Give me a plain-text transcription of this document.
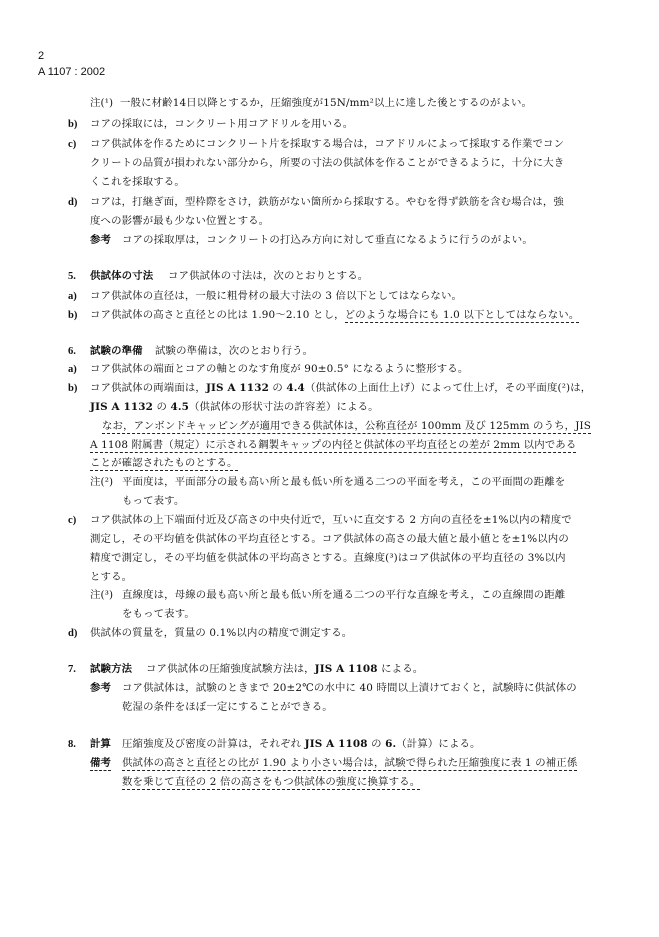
2
A 1107 : 2002
注(¹) 一般に材齢14日以降とするか，圧縮強度が15N/mm²以上に達した後とするのがよい。
b) コアの採取には，コンクリート用コアドリルを用いる。
c) コア供試体を作るためにコンクリート片を採取する場合は，コアドリルによって採取する作業でコン
クリートの品質が損われない部分から，所要の寸法の供試体を作ることができるように，十分に大き
くこれを採取する。
d) コアは，打継ぎ面，型枠際をさけ，鉄筋がない箇所から採取する。やむを得ず鉄筋を含む場合は，強
度への影響が最も少ない位置とする。
参考 コアの採取厚は，コンクリートの打込み方向に対して垂直になるように行うのがよい。
5. 供試体の寸法 コア供試体の寸法は，次のとおりとする。
a) コア供試体の直径は，一般に粗骨材の最大寸法の 3 倍以下としてはならない。
b) コア供試体の高さと直径との比は 1.90～2.10 とし，どのような場合にも 1.0 以下としてはならない。
6. 試験の準備 試験の準備は，次のとおり行う。
a) コア供試体の端面とコアの軸とのなす角度が 90±0.5° になるように整形する。
b) コア供試体の両端面は，JIS A 1132 の 4.4（供試体の上面仕上げ）によって仕上げ，その平面度(²)は，
JIS A 1132 の 4.5（供試体の形状寸法の許容差）による。
なお，アンボンドキャッピングが適用できる供試体は，公称直径が 100mm 及び 125mm のうち，JIS
A 1108 附属書（規定）に示される鋼製キャップの内径と供試体の平均直径との差が 2mm 以内である
ことが確認されたものとする。
注(²) 平面度は，平面部分の最も高い所と最も低い所を通る二つの平面を考え，この平面間の距離を
もって表す。
c) コア供試体の上下端面付近及び高さの中央付近で，互いに直交する 2 方向の直径を±1%以内の精度で
測定し，その平均値を供試体の平均直径とする。コア供試体の高さの最大値と最小値とを±1%以内の
精度で測定し，その平均値を供試体の平均高さとする。直線度(³)はコア供試体の平均直径の 3%以内
とする。
注(³) 直線度は，母線の最も高い所と最も低い所を通る二つの平行な直線を考え，この直線間の距離
をもって表す。
d) 供試体の質量を，質量の 0.1%以内の精度で測定する。
7. 試験方法 コア供試体の圧縮強度試験方法は，JIS A 1108 による。
参考 コア供試体は，試験のときまで 20±2℃の水中に 40 時間以上漬けておくと，試験時に供試体の
乾湿の条件をほぼ一定にすることができる。
8. 計算 圧縮強度及び密度の計算は，それぞれ JIS A 1108 の 6.（計算）による。
備考 供試体の高さと直径との比が 1.90 より小さい場合は，試験で得られた圧縮強度に表 1 の補正係
数を乗じて直径の 2 倍の高さをもつ供試体の強度に換算する。
